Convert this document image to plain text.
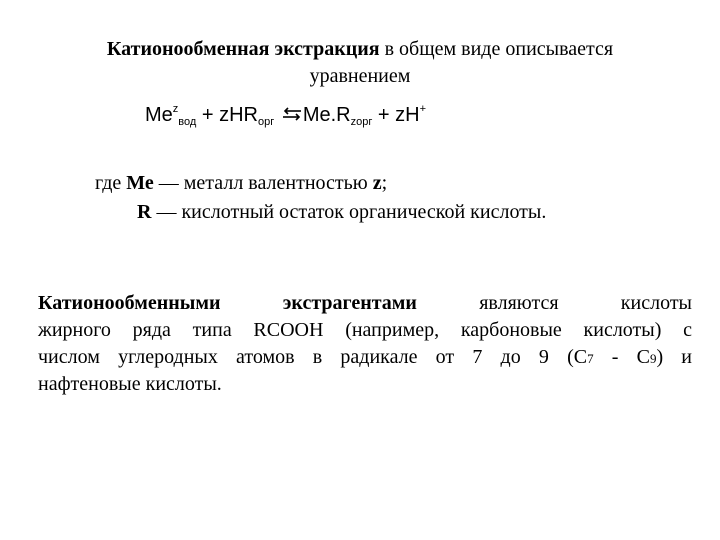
Катионообменная экстракция в общем виде описывается
уравнением
$Me^z_{вод} + zHR_{орг}$ $\rightleftharpoons Me.R_{zорг} + zH^+$
где Ме — металл валентностью z;
R — кислотный остаток органической кислоты.
Катионообменными	экстрагентами	являются кислоты
жирного ряда типа RCOOH (например, карбоновые кислоты) с
числом углеродных атомов в радикале от 7 до 9 (С7 - С9) и
нафтеновые кислоты.
